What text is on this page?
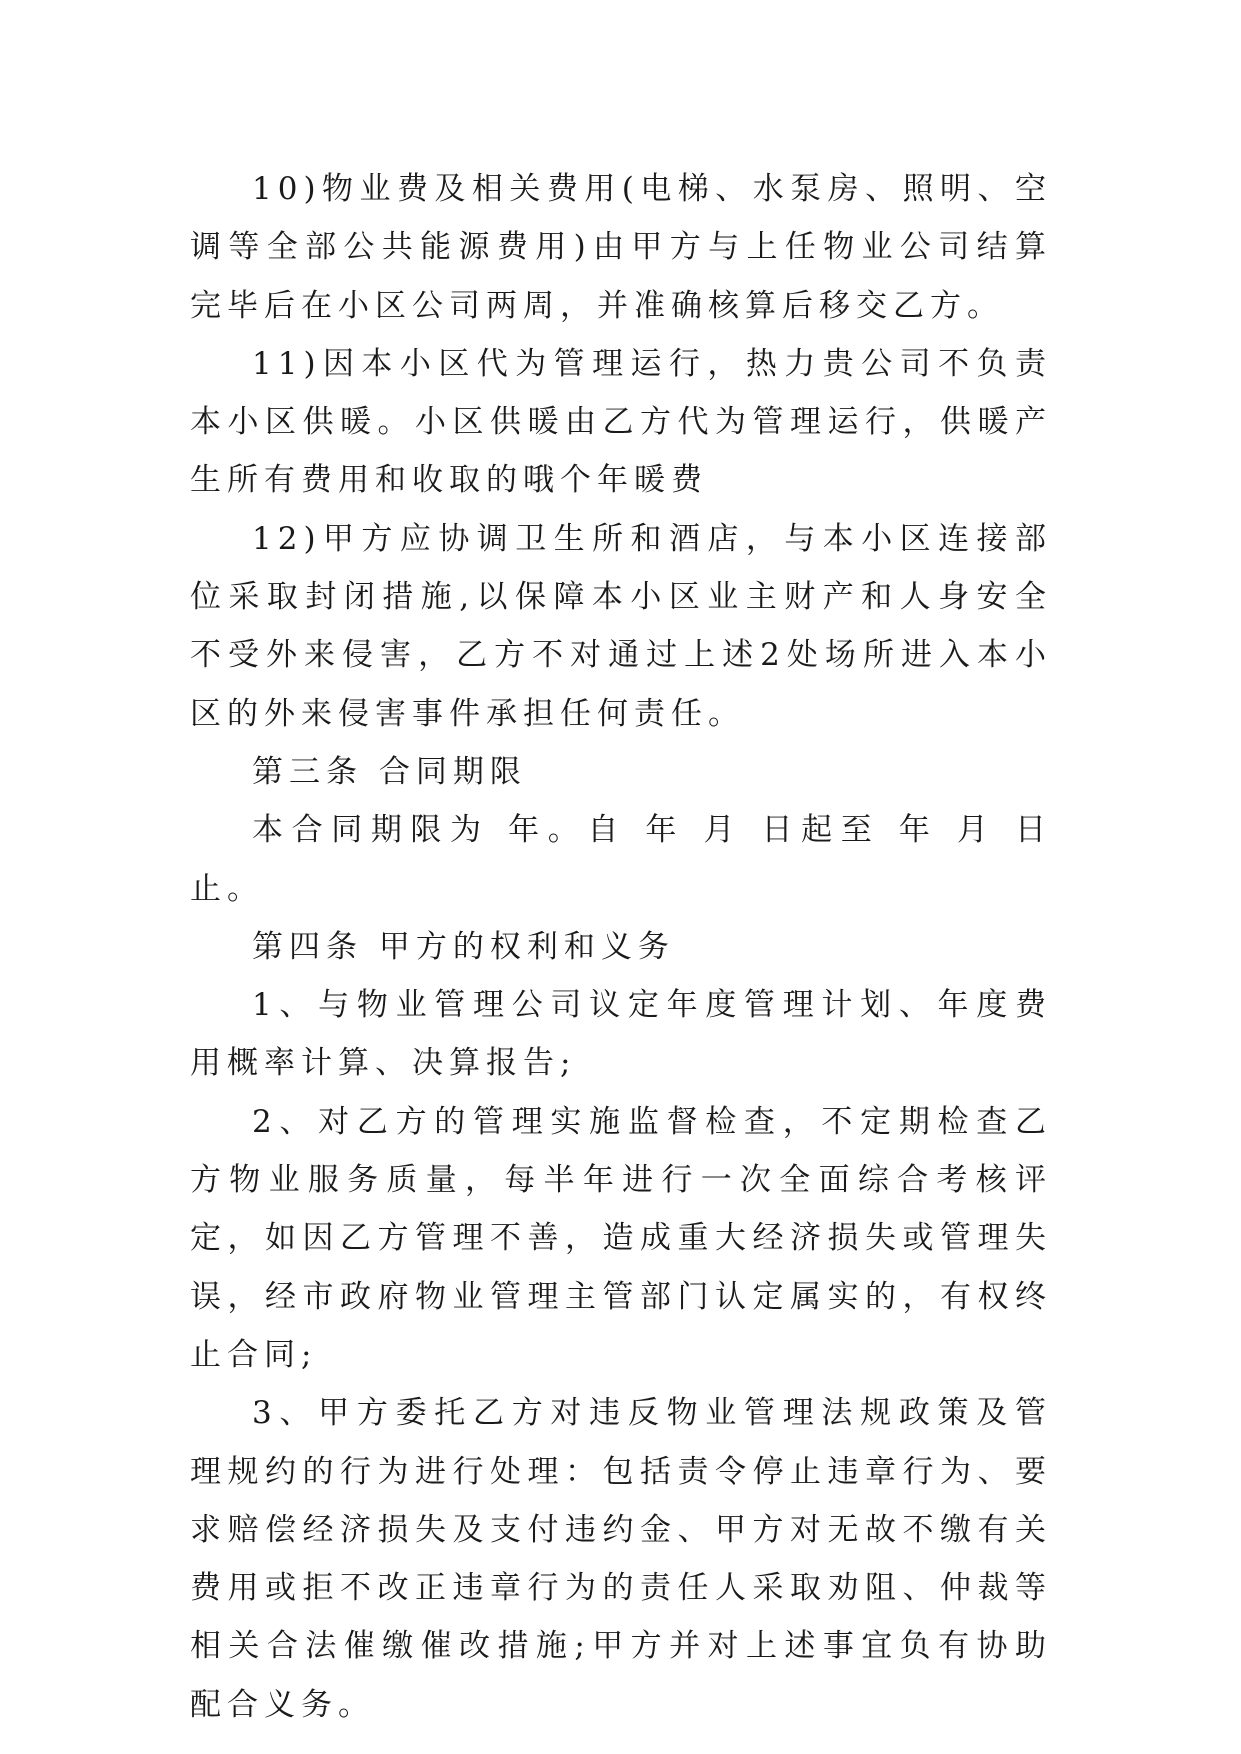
10)物业费及相关费用(电梯、水泵房、照明、空调等全部公共能源费用)由甲方与上任物业公司结算完毕后在小区公司两周，并准确核算后移交乙方。

11)因本小区代为管理运行，热力贵公司不负责本小区供暖。小区供暖由乙方代为管理运行，供暖产生所有费用和收取的哦个年暖费

12)甲方应协调卫生所和酒店，与本小区连接部位采取封闭措施,以保障本小区业主财产和人身安全不受外来侵害，乙方不对通过上述2处场所进入本小区的外来侵害事件承担任何责任。

第三条 合同期限

本合同期限为 年。自 年 月 日起至 年 月 日止。

第四条 甲方的权利和义务

1、与物业管理公司议定年度管理计划、年度费用概率计算、决算报告;

2、对乙方的管理实施监督检查，不定期检查乙方物业服务质量，每半年进行一次全面综合考核评定，如因乙方管理不善，造成重大经济损失或管理失误，经市政府物业管理主管部门认定属实的，有权终止合同;

3、甲方委托乙方对违反物业管理法规政策及管理规约的行为进行处理：包括责令停止违章行为、要求赔偿经济损失及支付违约金、甲方对无故不缴有关费用或拒不改正违章行为的责任人采取劝阻、仲裁等相关合法催缴催改措施;甲方并对上述事宜负有协助配合义务。
